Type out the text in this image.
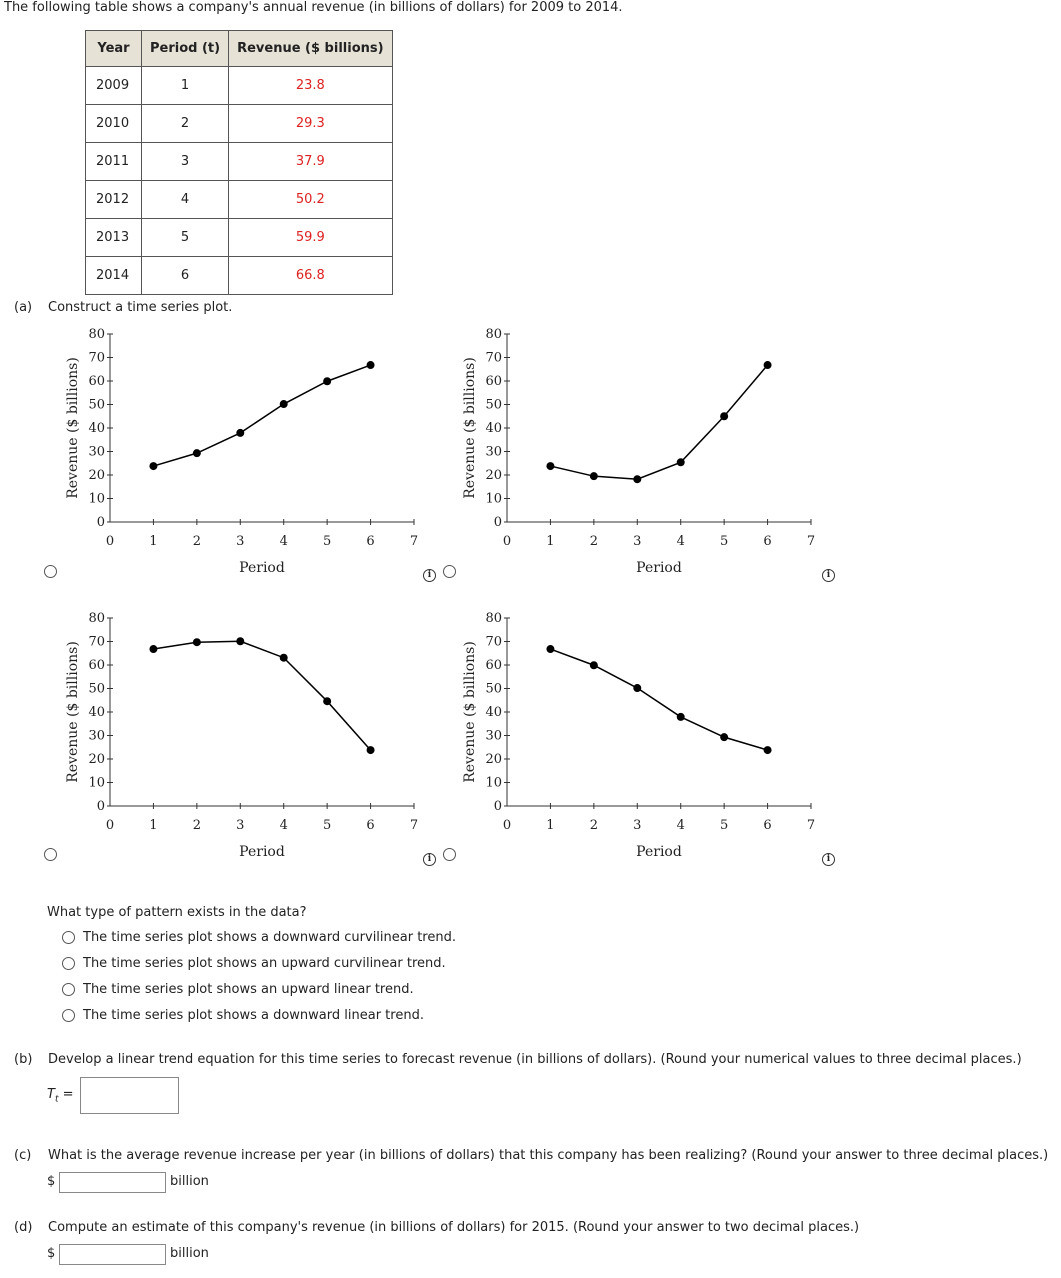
The following table shows a company's annual revenue (in billions of dollars) for 2009 to 2014.
Year	Period (t)	Revenue ($ billions)
2009	1	23.8
2010	2	29.3
2011	3	37.9
2012	4	50.2
2013	5	59.9
2014	6	66.8
(a) Construct a time series plot.
0	1	2	3	4	5	6	7
0
10
20
30
40
50
60
70
80
Period
Revenue ($ billions)
i
0	1	2	3	4	5	6	7
0
10
20
30
40
50
60
70
80
Period
Revenue ($ billions)
i
0	1	2	3	4	5	6	7
0
10
20
30
40
50
60
70
80
Period
Revenue ($ billions)
i
0	1	2	3	4	5	6	7
0
10
20
30
40
50
60
70
80
Period
Revenue ($ billions)
i
What type of pattern exists in the data?
The time series plot shows a downward curvilinear trend.
The time series plot shows an upward curvilinear trend.
The time series plot shows an upward linear trend.
The time series plot shows a downward linear trend.
(b) Develop a linear trend equation for this time series to forecast revenue (in billions of dollars). (Round your numerical values to three decimal places.)
$T_t$ =
(c) What is the average revenue increase per year (in billions of dollars) that this company has been realizing? (Round your answer to three decimal places.)
$	billion
(d) Compute an estimate of this company's revenue (in billions of dollars) for 2015. (Round your answer to two decimal places.)
$	billion
